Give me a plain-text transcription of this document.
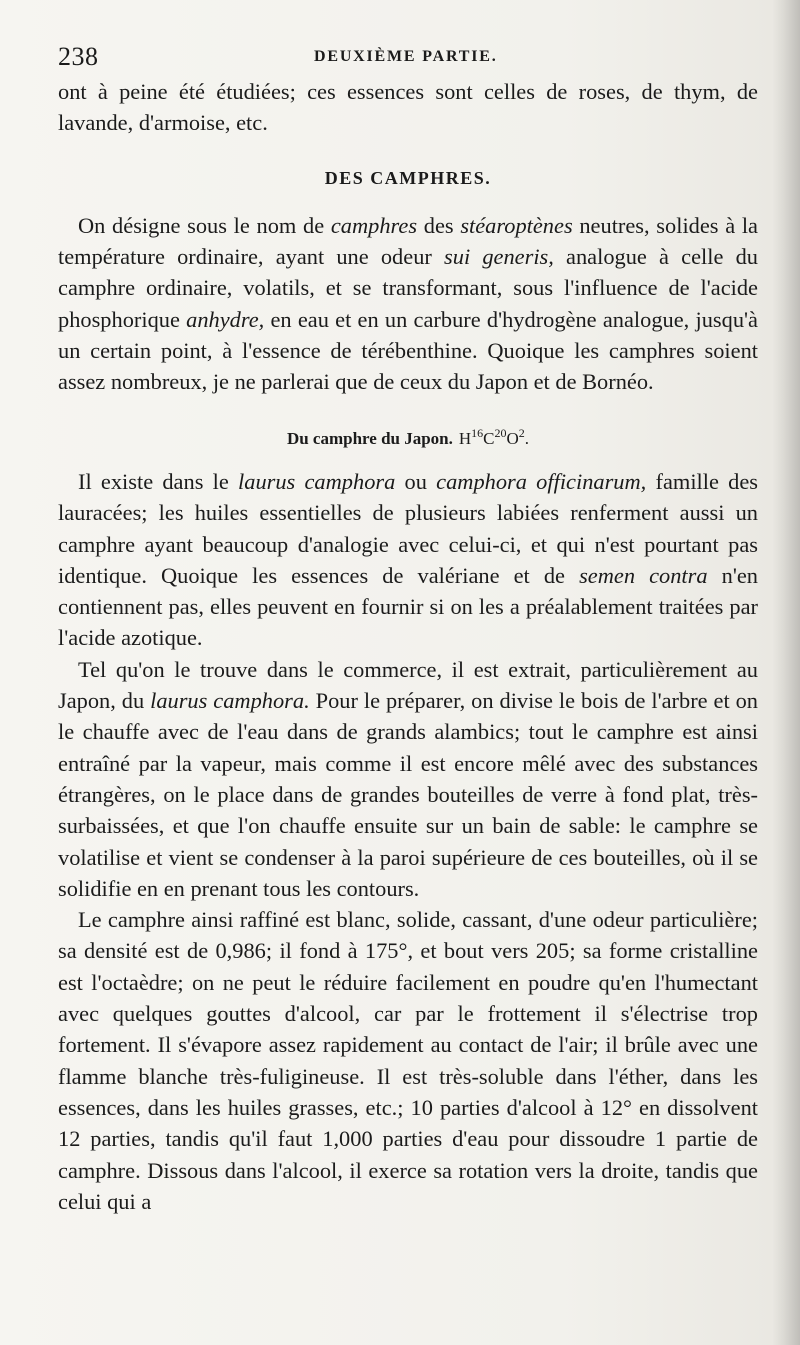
238	DEUXIÈME PARTIE.

ont à peine été étudiées; ces essences sont celles de roses, de thym, de lavande, d'armoise, etc.

DES CAMPHRES.

On désigne sous le nom de camphres des stéaroptènes neutres, solides à la température ordinaire, ayant une odeur sui generis, analogue à celle du camphre ordinaire, volatils, et se transformant, sous l'influence de l'acide phosphorique anhydre, en eau et en un carbure d'hydrogène analogue, jusqu'à un certain point, à l'essence de térébenthine. Quoique les camphres soient assez nombreux, je ne parlerai que de ceux du Japon et de Bornéo.

Du camphre du Japon. $H^{16}C^{20}O^2$.

Il existe dans le laurus camphora ou camphora officinarum, famille des lauracées; les huiles essentielles de plusieurs labiées renferment aussi un camphre ayant beaucoup d'analogie avec celui-ci, et qui n'est pourtant pas identique. Quoique les essences de valériane et de semen contra n'en contiennent pas, elles peuvent en fournir si on les a préalablement traitées par l'acide azotique.

Tel qu'on le trouve dans le commerce, il est extrait, particulièrement au Japon, du laurus camphora. Pour le préparer, on divise le bois de l'arbre et on le chauffe avec de l'eau dans de grands alambics; tout le camphre est ainsi entraîné par la vapeur, mais comme il est encore mêlé avec des substances étrangères, on le place dans de grandes bouteilles de verre à fond plat, très-surbaissées, et que l'on chauffe ensuite sur un bain de sable: le camphre se volatilise et vient se condenser à la paroi supérieure de ces bouteilles, où il se solidifie en en prenant tous les contours.

Le camphre ainsi raffiné est blanc, solide, cassant, d'une odeur particulière; sa densité est de 0,986; il fond à 175°, et bout vers 205; sa forme cristalline est l'octaèdre; on ne peut le réduire facilement en poudre qu'en l'humectant avec quelques gouttes d'alcool, car par le frottement il s'électrise trop fortement. Il s'évapore assez rapidement au contact de l'air; il brûle avec une flamme blanche très-fuligineuse. Il est très-soluble dans l'éther, dans les essences, dans les huiles grasses, etc.; 10 parties d'alcool à 12° en dissolvent 12 parties, tandis qu'il faut 1,000 parties d'eau pour dissoudre 1 partie de camphre. Dissous dans l'alcool, il exerce sa rotation vers la droite, tandis que celui qui a
